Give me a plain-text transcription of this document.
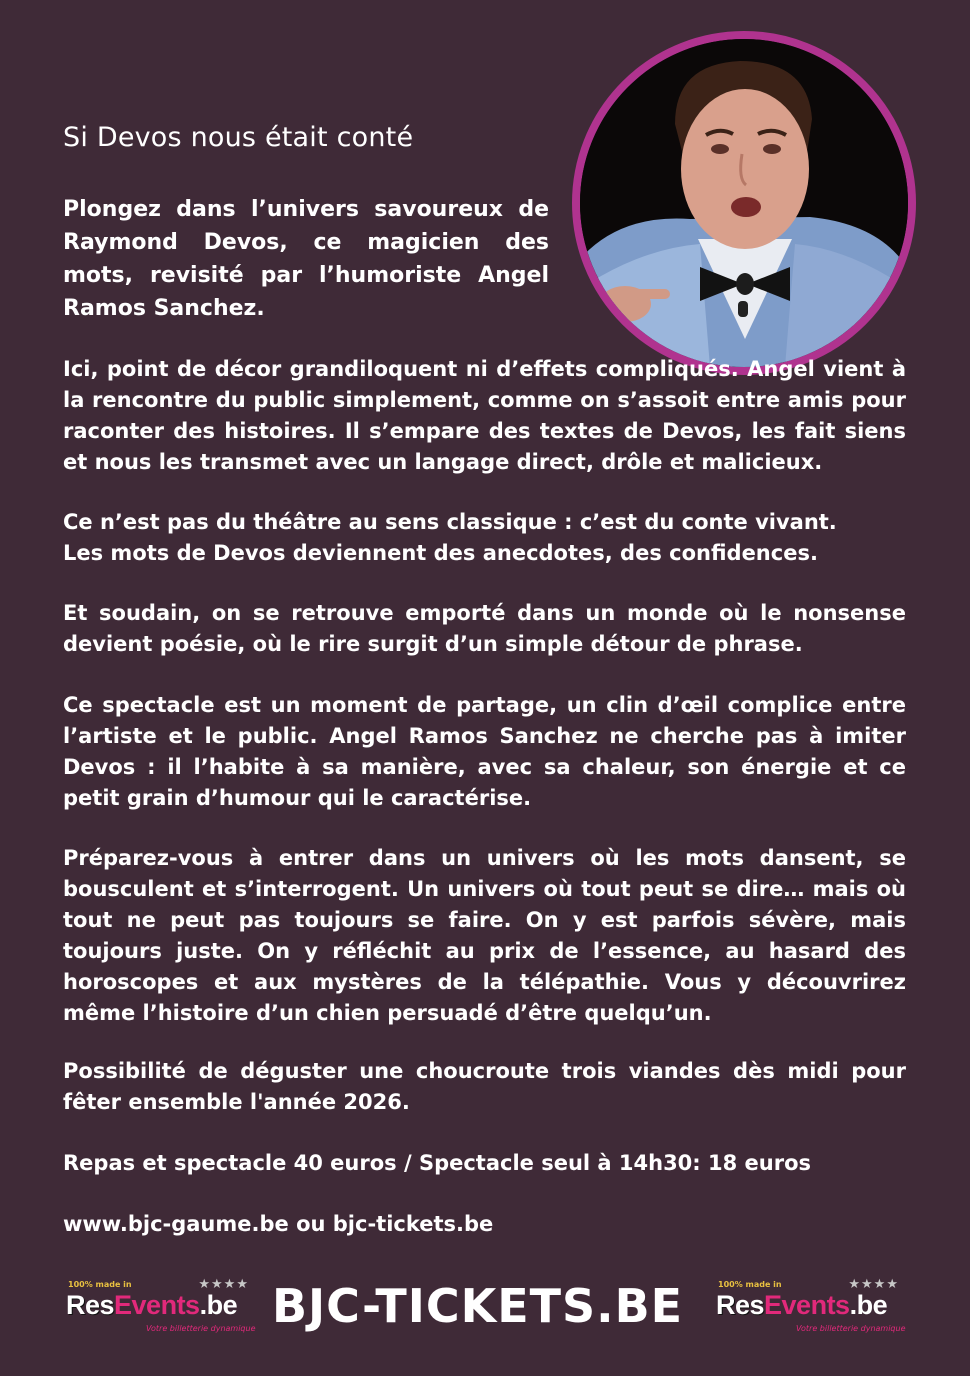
Si Devos nous était conté

Plongez dans l’univers savoureux de Raymond Devos, ce magicien des mots, revisité par l’humoriste Angel Ramos Sanchez.

Ici, point de décor grandiloquent ni d’effets compliqués. Angel vient à la rencontre du public simplement, comme on s’assoit entre amis pour raconter des histoires. Il s’empare des textes de Devos, les fait siens et nous les transmet avec un langage direct, drôle et malicieux.

Ce n’est pas du théâtre au sens classique : c’est du conte vivant.

Les mots de Devos deviennent des anecdotes, des confidences.

Et soudain, on se retrouve emporté dans un monde où le nonsense devient poésie, où le rire surgit d’un simple détour de phrase.

Ce spectacle est un moment de partage, un clin d’œil complice entre l’artiste et le public. Angel Ramos Sanchez ne cherche pas à imiter Devos : il l’habite à sa manière, avec sa chaleur, son énergie et ce petit grain d’humour qui le caractérise.

Préparez-vous à entrer dans un univers où les mots dansent, se bousculent et s’interrogent. Un univers où tout peut se dire… mais où tout ne peut pas toujours se faire. On y est parfois sévère, mais toujours juste. On y réfléchit au prix de l’essence, au hasard des horoscopes et aux mystères de la télépathie. Vous y découvrirez même l’histoire d’un chien persuadé d’être quelqu’un.

Possibilité de déguster une choucroute trois viandes dès midi pour fêter ensemble l'année 2026.

Repas et spectacle 40 euros / Spectacle seul à 14h30: 18 euros

www.bjc-gaume.be ou bjc-tickets.be

100% made in	★★★★
ResEvents.be
Votre billetterie dynamique BJC-TICKETS.BE	100% made in	★★★★
ResEvents.be
Votre billetterie dynamique
